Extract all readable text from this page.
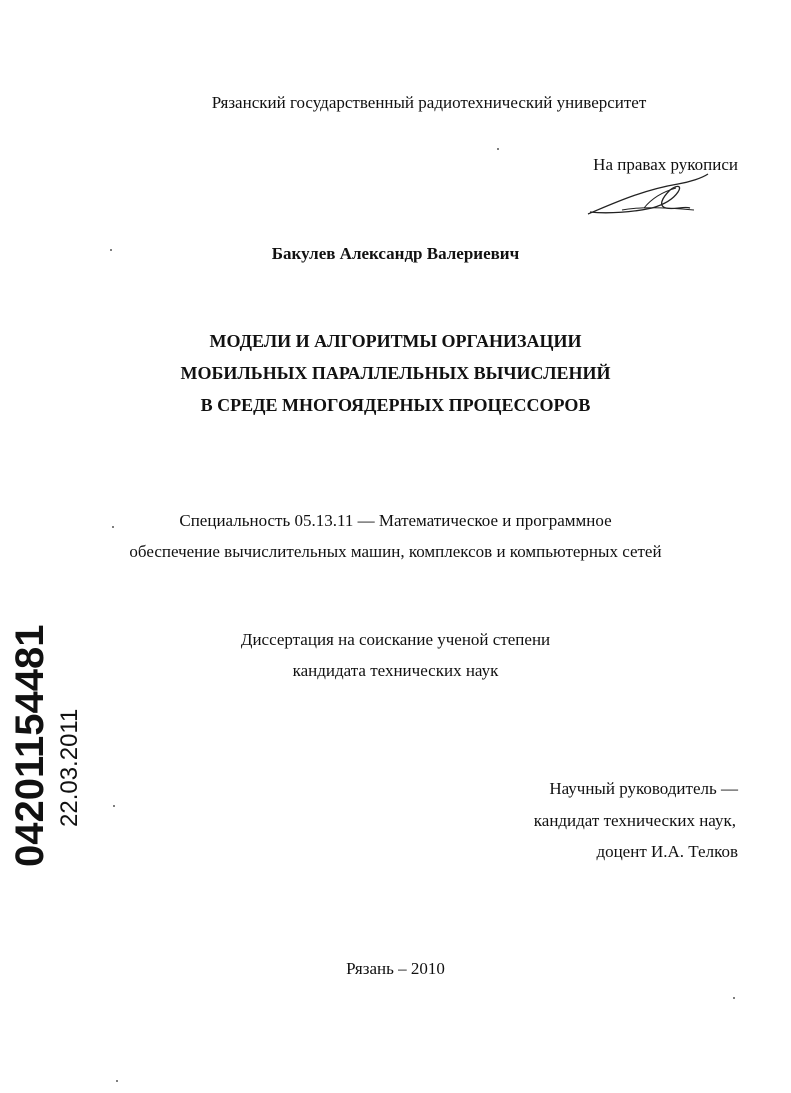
Рязанский государственный радиотехнический университет
На правах рукописи
Бакулев Александр Валериевич
МОДЕЛИ И АЛГОРИТМЫ ОРГАНИЗАЦИИ
МОБИЛЬНЫХ ПАРАЛЛЕЛЬНЫХ ВЫЧИСЛЕНИЙ
В СРЕДЕ МНОГОЯДЕРНЫХ ПРОЦЕССОРОВ
Специальность 05.13.11 — Математическое и программное
обеспечение вычислительных машин, комплексов и компьютерных сетей
Диссертация на соискание ученой степени
кандидата технических наук
Научный руководитель —
кандидат технических наук,
доцент И.А. Телков
Рязань – 2010
04201154481 22.03.2011
